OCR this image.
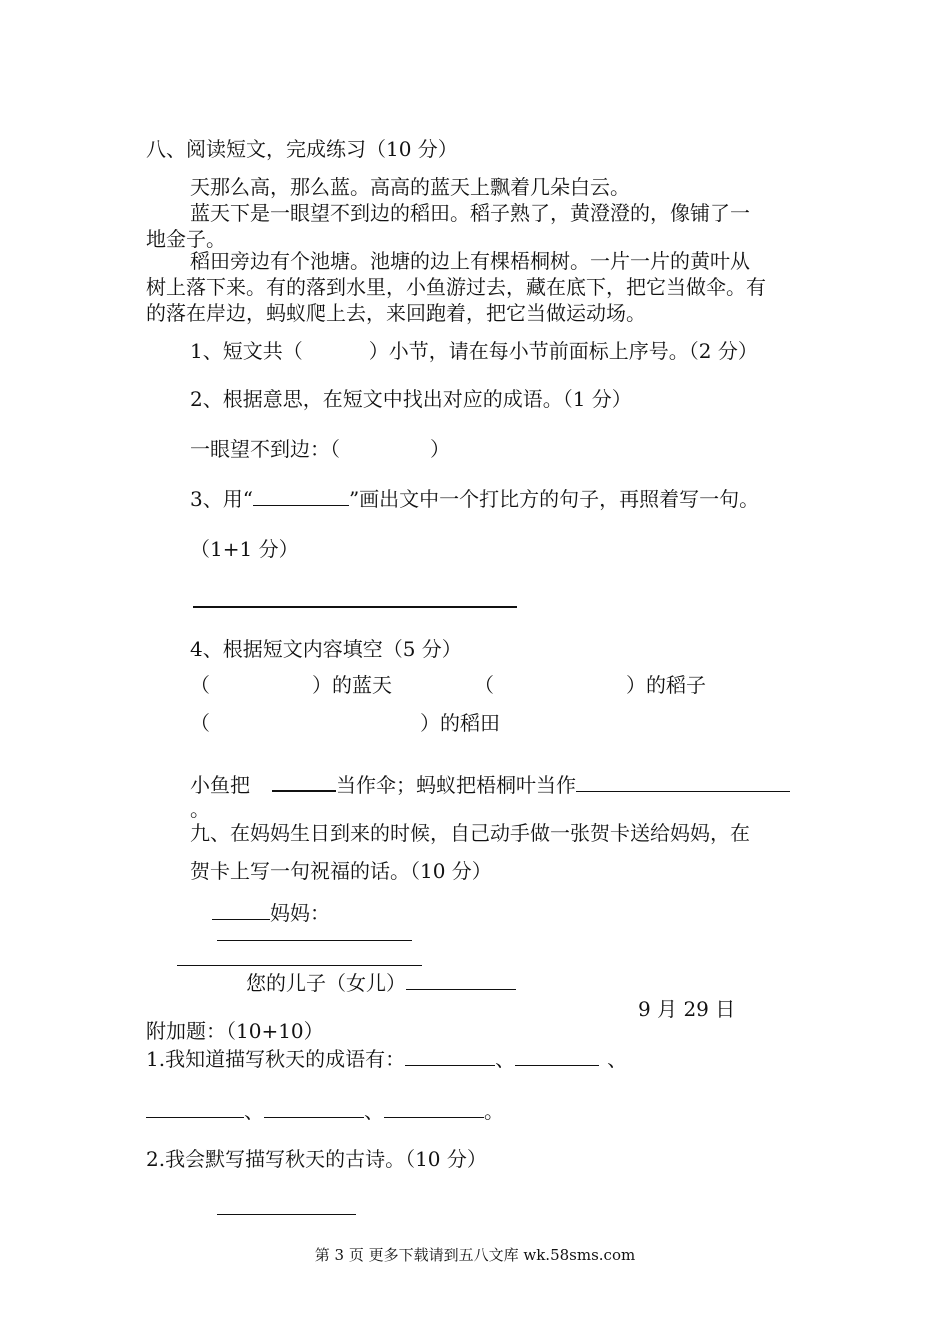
八、阅读短文，完成练习（10 分）
天那么高，那么蓝。高高的蓝天上飘着几朵白云。
蓝天下是一眼望不到边的稻田。稻子熟了，黄澄澄的，像铺了一
地金子。
稻田旁边有个池塘。池塘的边上有棵梧桐树。一片一片的黄叶从
树上落下来。有的落到水里，小鱼游过去，藏在底下，把它当做伞。有
的落在岸边，蚂蚁爬上去，来回跑着，把它当做运动场。
1、短文共（	）小节，请在每小节前面标上序号。（2 分）
2、根据意思，在短文中找出对应的成语。（1 分）
一眼望不到边：（	）
3、用“	”画出文中一个打比方的句子，再照着写一句。
（1+1 分）
4、根据短文内容填空（5 分）
（	）的蓝天	（	）的稻子
（	）的稻田
小鱼把	当作伞；蚂蚁把梧桐叶当作
。
九、在妈妈生日到来的时候，自己动手做一张贺卡送给妈妈，在
贺卡上写一句祝福的话。（10 分）
妈妈：
您的儿子（女儿）
9 月 29 日
附加题：（10+10）
1.我知道描写秋天的成语有：	、	、
、	、	。
2.我会默写描写秋天的古诗。（10 分）
第 3 页 更多下载请到五八文库 wk.58sms.com
